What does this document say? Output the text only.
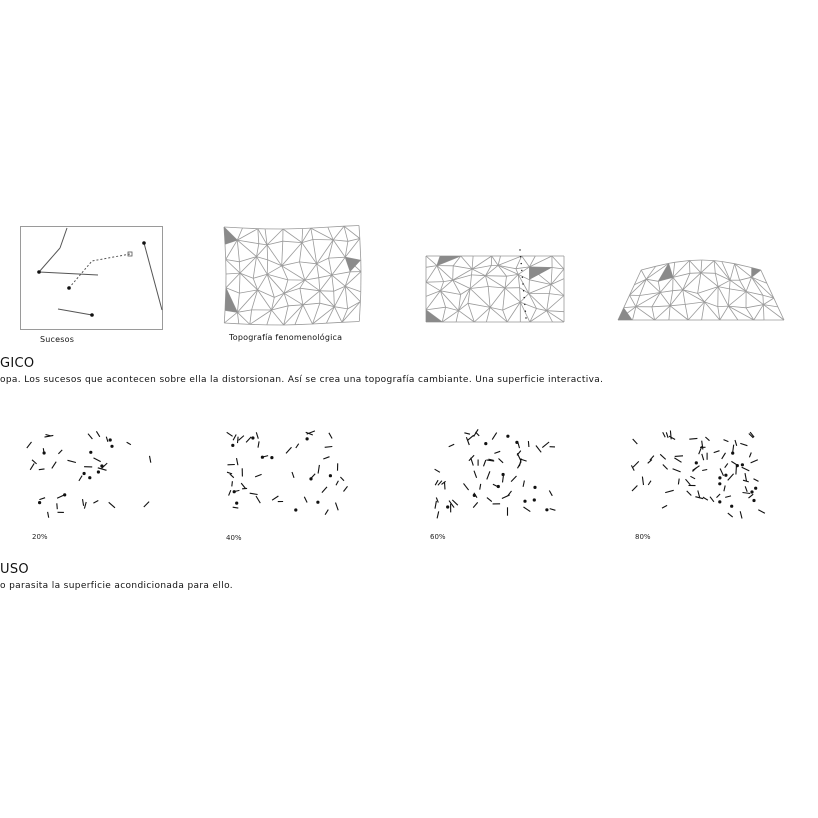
Sucesos	Topografía fenomenológica
GICO
opa. Los sucesos que acontecen sobre ella la distorsionan. Así se crea una topografía cambiante. Una superficie interactiva.
20%	40%	60%	80%
USO
o parasita la superficie acondicionada para ello.
